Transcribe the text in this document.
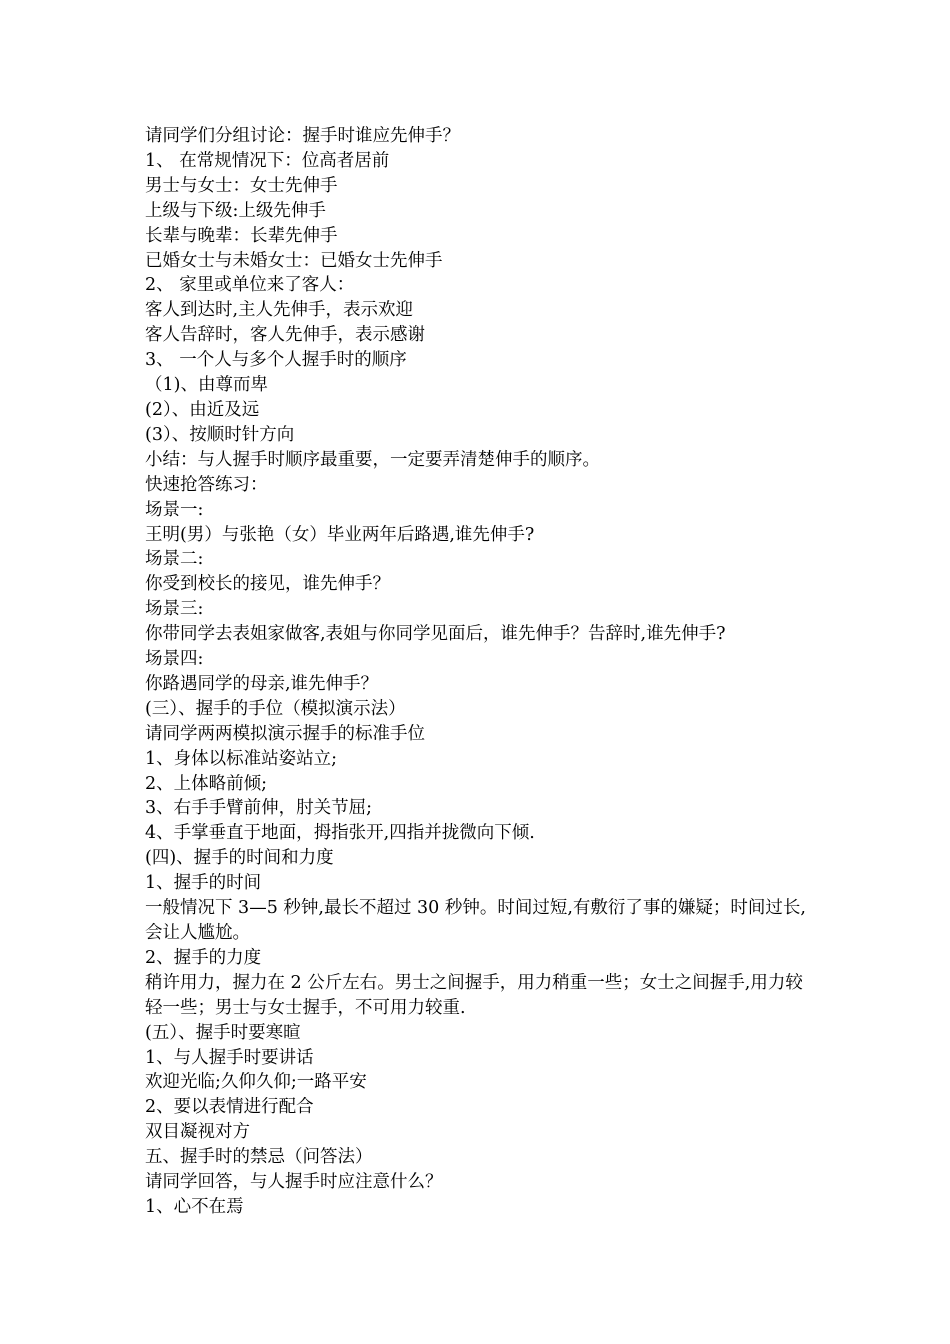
请同学们分组讨论：握手时谁应先伸手？
1、 在常规情况下：位高者居前
男士与女士：女士先伸手
上级与下级:上级先伸手
长辈与晚辈：长辈先伸手
已婚女士与未婚女士：已婚女士先伸手
2、 家里或单位来了客人：
客人到达时,主人先伸手，表示欢迎
客人告辞时，客人先伸手，表示感谢
3、 一个人与多个人握手时的顺序
（1)、由尊而卑
(2）、由近及远
(3）、按顺时针方向
小结：与人握手时顺序最重要，一定要弄清楚伸手的顺序。
快速抢答练习：
场景一:
王明(男）与张艳（女）毕业两年后路遇,谁先伸手?
场景二:
你受到校长的接见，谁先伸手？
场景三:
你带同学去表姐家做客,表姐与你同学见面后，谁先伸手？告辞时,谁先伸手?
场景四:
你路遇同学的母亲,谁先伸手？
(三）、握手的手位（模拟演示法）
请同学两两模拟演示握手的标准手位
1、身体以标准站姿站立;
2、上体略前倾;
3、右手手臂前伸，肘关节屈;
4、手掌垂直于地面，拇指张开,四指并拢微向下倾.
(四)、握手的时间和力度
1、握手的时间
一般情况下 3—5 秒钟,最长不超过 30 秒钟。时间过短,有敷衍了事的嫌疑；时间过长,会让人尴尬。
2、握手的力度
稍许用力，握力在 2 公斤左右。男士之间握手，用力稍重一些；女士之间握手,用力较轻一些；男士与女士握手，不可用力较重.
(五）、握手时要寒暄
1、与人握手时要讲话
欢迎光临;久仰久仰;一路平安
2、要以表情进行配合
双目凝视对方
五、握手时的禁忌（问答法）
请同学回答，与人握手时应注意什么？
1、心不在焉
